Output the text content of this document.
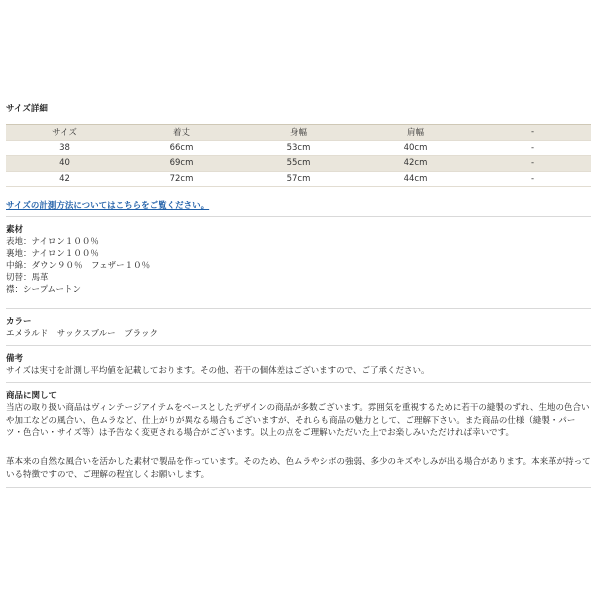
サイズ詳細
サイズ	着丈	身幅	肩幅	-
38	66cm	53cm	40cm	-
40	69cm	55cm	42cm	-
42	72cm	57cm	44cm	-
サイズの計測方法についてはこちらをご覧ください。
素材
表地：ナイロン１００％
裏地：ナイロン１００％
中綿：ダウン９０％　フェザー１０％
切替：馬革
襟：シープムートン
カラー
エメラルド　サックスブルー　ブラック
備考
サイズは実寸を計測し平均値を記載しております。その他、若干の個体差はございますので、ご了承ください。
商品に関して
当店の取り扱い商品はヴィンテージアイテムをベースとしたデザインの商品が多数ございます。雰囲気を重視するために若干の縫製のずれ、生地の色合いや加工などの風合い、色ムラなど、仕上がりが異なる場合もございますが、それらも商品の魅力として、ご理解下さい。また商品の仕様（縫製・パーツ・色合い・サイズ等）は予告なく変更される場合がございます。以上の点をご理解いただいた上でお楽しみいただければ幸いです。
革本来の自然な風合いを活かした素材で製品を作っています。そのため、色ムラやシボの強弱、多少のキズやしみが出る場合があります。本来革が持っている特徴ですので、ご理解の程宜しくお願いします。
